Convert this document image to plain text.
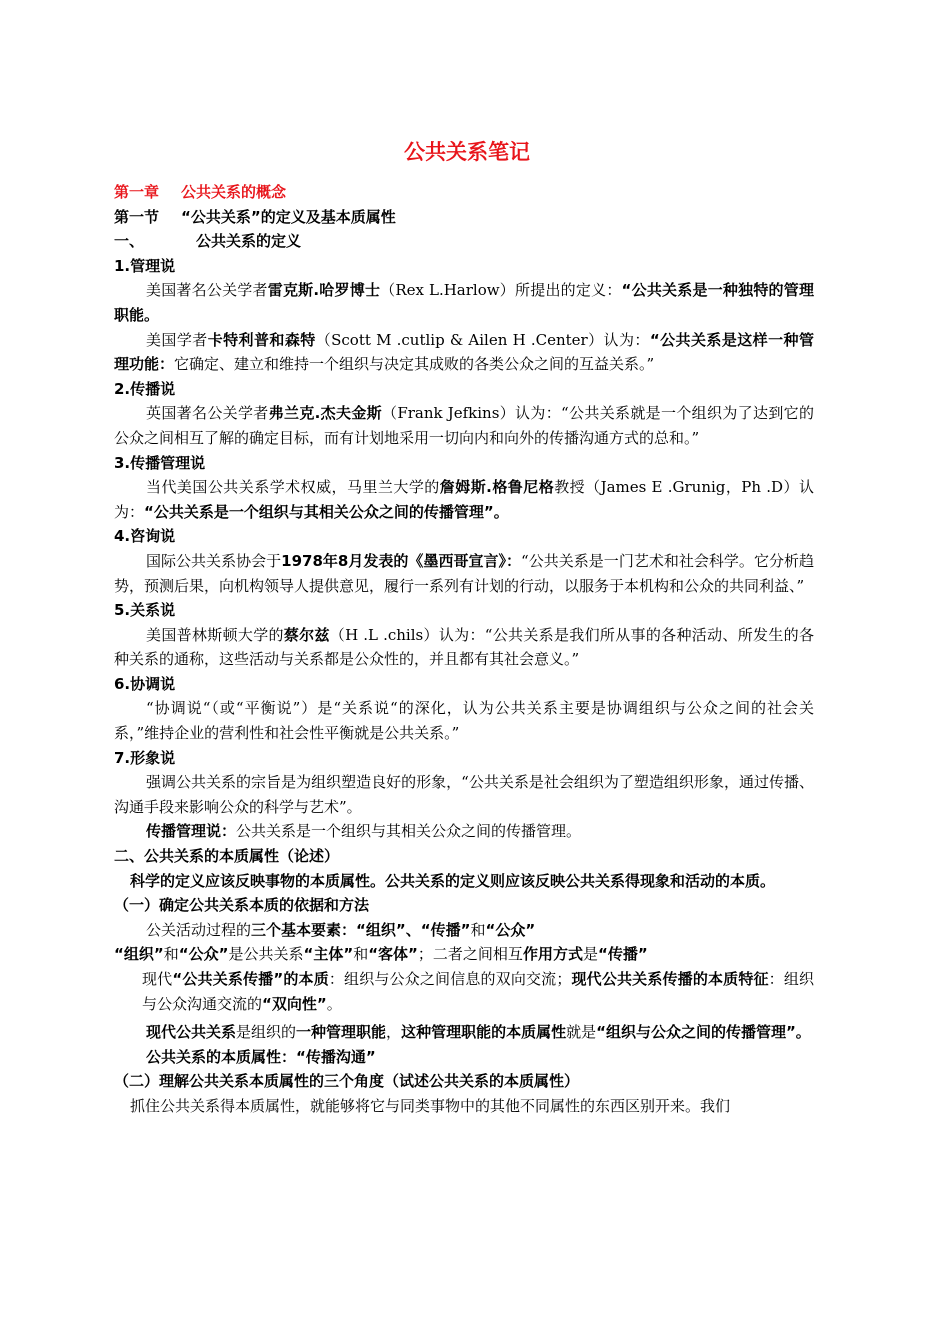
公共关系笔记

第一章 公共关系的概念

第一节 “公共关系”的定义及基本质属性

一、	公共关系的定义

1.管理说

美国著名公关学者雷克斯.哈罗博士（Rex L.Harlow）所提出的定义：“公共关系是一种独特的管理职能。

美国学者卡特利普和森特（Scott M .cutlip & Ailen H .Center）认为：“公共关系是这样一种管理功能：它确定、建立和维持一个组织与决定其成败的各类公众之间的互益关系。”

2.传播说

英国著名公关学者弗兰克.杰夫金斯（Frank Jefkins）认为：“公共关系就是一个组织为了达到它的公众之间相互了解的确定目标，而有计划地采用一切向内和向外的传播沟通方式的总和。”

3.传播管理说

当代美国公共关系学术权威，马里兰大学的詹姆斯.格鲁尼格教授（James E .Grunig，Ph .D）认为：“公共关系是一个组织与其相关公众之间的传播管理”。

4.咨询说

国际公共关系协会于1978年8月发表的《墨西哥宣言》：“公共关系是一门艺术和社会科学。它分析趋势，预测后果，向机构领导人提供意见，履行一系列有计划的行动，以服务于本机构和公众的共同利益、”

5.关系说

美国普林斯顿大学的蔡尔兹（H .L .chils）认为：“公共关系是我们所从事的各种活动、所发生的各种关系的通称，这些活动与关系都是公众性的，并且都有其社会意义。”

6.协调说

“协调说“（或“平衡说”）是“关系说“的深化，认为公共关系主要是协调组织与公众之间的社会关系，”维持企业的营利性和社会性平衡就是公共关系。”

7.形象说

强调公共关系的宗旨是为组织塑造良好的形象，“公共关系是社会组织为了塑造组织形象，通过传播、沟通手段来影响公众的科学与艺术”。

传播管理说：公共关系是一个组织与其相关公众之间的传播管理。

二、公共关系的本质属性（论述）

科学的定义应该反映事物的本质属性。公共关系的定义则应该反映公共关系得现象和活动的本质。

（一）确定公共关系本质的依据和方法

公关活动过程的三个基本要素：“组织”、“传播”和“公众”

“组织”和“公众”是公共关系“主体”和“客体”；二者之间相互作用方式是“传播”

现代“公共关系传播”的本质：组织与公众之间信息的双向交流；现代公共关系传播的本质特征：组织与公众沟通交流的“双向性”。

现代公共关系是组织的一种管理职能，这种管理职能的本质属性就是“组织与公众之间的传播管理”。

公共关系的本质属性：“传播沟通”

（二）理解公共关系本质属性的三个角度（试述公共关系的本质属性）

抓住公共关系得本质属性，就能够将它与同类事物中的其他不同属性的东西区别开来。我们
